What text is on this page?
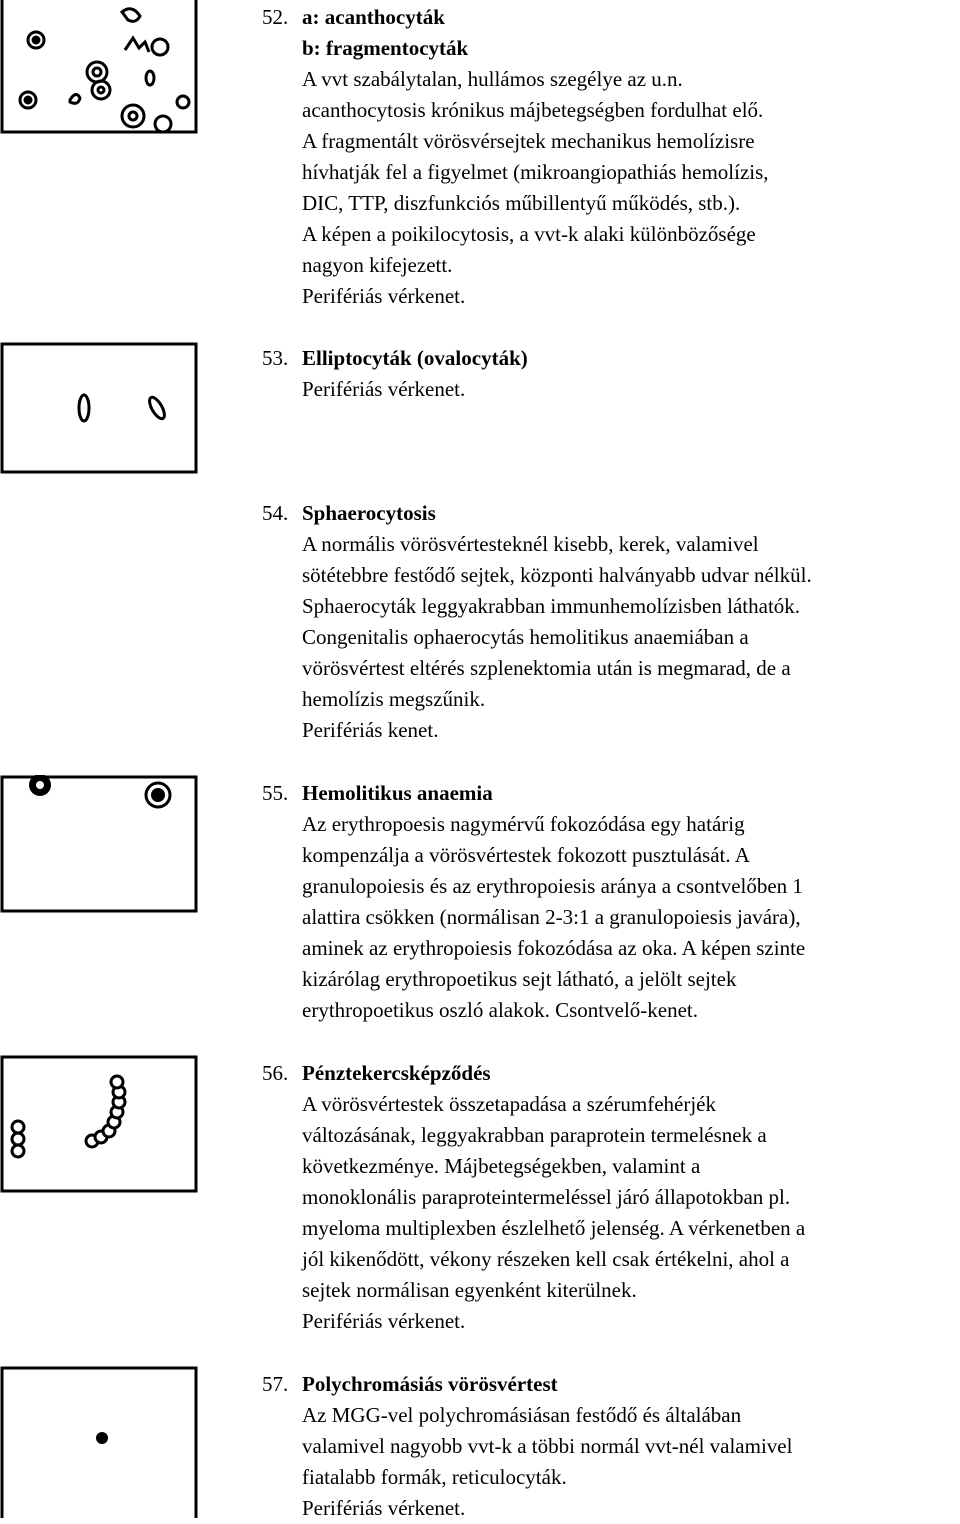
52. a: acanthocyták
b: fragmentocyták
A vvt szabálytalan, hullámos szegélye az u.n.
acanthocytosis krónikus májbetegségben fordulhat elő.
A fragmentált vörösvérsejtek mechanikus hemolízisre
hívhatják fel a figyelmet (mikroangiopathiás hemolízis,
DIC, TTP, diszfunkciós műbillentyű működés, stb.).
A képen a poikilocytosis, a vvt-k alaki különbözősége
nagyon kifejezett.
Perifériás vérkenet.
53. Elliptocyták (ovalocyták)
Perifériás vérkenet.
54. Sphaerocytosis
A normális vörösvértesteknél kisebb, kerek, valamivel
sötétebbre festődő sejtek, központi halványabb udvar nélkül.
Sphaerocyták leggyakrabban immunhemolízisben láthatók.
Congenitalis ophaerocytás hemolitikus anaemiában a
vörösvértest eltérés szplenektomia után is megmarad, de a
hemolízis megszűnik.
Perifériás kenet.
55. Hemolitikus anaemia
Az erythropoesis nagymérvű fokozódása egy határig
kompenzálja a vörösvértestek fokozott pusztulását. A
granulopoiesis és az erythropoiesis aránya a csontvelőben 1
alattira csökken (normálisan 2-3:1 a granulopoiesis javára),
aminek az erythropoiesis fokozódása az oka. A képen szinte
kizárólag erythropoetikus sejt látható, a jelölt sejtek
erythropoetikus oszló alakok. Csontvelő-kenet.
56. Pénztekercsképződés
A vörösvértestek összetapadása a szérumfehérjék
változásának, leggyakrabban paraprotein termelésnek a
következménye. Májbetegségekben, valamint a
monoklonális paraproteintermeléssel járó állapotokban pl.
myeloma multiplexben észlelhető jelenség. A vérkenetben a
jól kikenődött, vékony részeken kell csak értékelni, ahol a
sejtek normálisan egyenként kiterülnek.
Perifériás vérkenet.
57. Polychromásiás vörösvértest
Az MGG-vel polychromásiásan festődő és általában
valamivel nagyobb vvt-k a többi normál vvt-nél valamivel
fiatalabb formák, reticulocyták.
Perifériás vérkenet.
